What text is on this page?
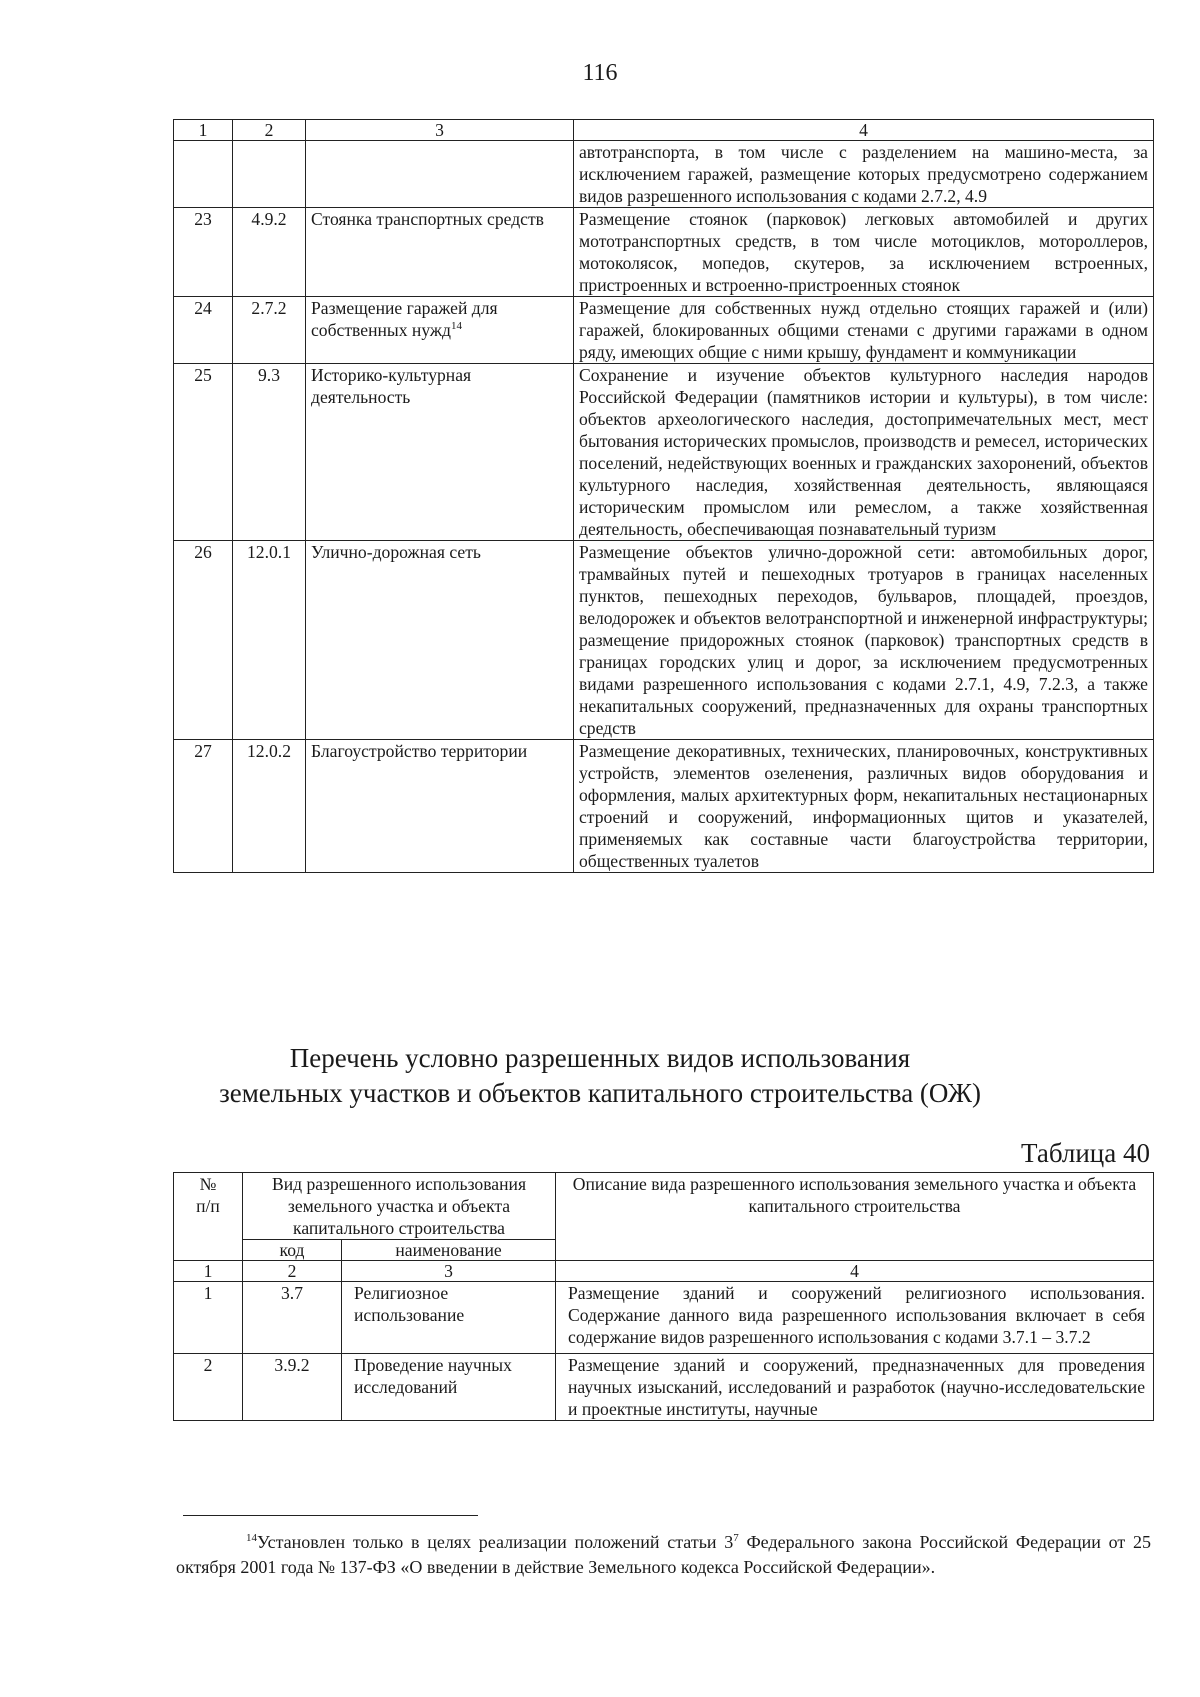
116
1	2	3	4
			автотранспорта, в том числе с разделением на машино-места, за исключением гаражей, размещение которых предусмотрено содержанием видов разрешенного использования с кодами 2.7.2, 4.9
23	4.9.2	Стоянка транспортных средств	Размещение стоянок (парковок) легковых автомобилей и других мототранспортных средств, в том числе мотоциклов, мотороллеров, мотоколясок, мопедов, скутеров, за исключением встроенных, пристроенных и встроенно-пристроенных стоянок
24	2.7.2	Размещение гаражей для собственных нужд$^{14}$	Размещение для собственных нужд отдельно стоящих гаражей и (или) гаражей, блокированных общими стенами с другими гаражами в одном ряду, имеющих общие с ними крышу, фундамент и коммуникации
25	9.3	Историко-культурная деятельность	Сохранение и изучение объектов культурного наследия народов Российской Федерации (памятников истории и культуры), в том числе: объектов археологического наследия, достопримечательных мест, мест бытования исторических промыслов, производств и ремесел, исторических поселений, недействующих военных и гражданских захоронений, объектов культурного наследия, хозяйственная деятельность, являющаяся историческим промыслом или ремеслом, а также хозяйственная деятельность, обеспечивающая познавательный туризм
26	12.0.1	Улично-дорожная сеть	Размещение объектов улично-дорожной сети: автомобильных дорог, трамвайных путей и пешеходных тротуаров в границах населенных пунктов, пешеходных переходов, бульваров, площадей, проездов, велодорожек и объектов велотранспортной и инженерной инфраструктуры; размещение придорожных стоянок (парковок) транспортных средств в границах городских улиц и дорог, за исключением предусмотренных видами разрешенного использования с кодами 2.7.1, 4.9, 7.2.3, а также некапитальных сооружений, предназначенных для охраны транспортных средств
27	12.0.2	Благоустройство территории	Размещение декоративных, технических, планировочных, конструктивных устройств, элементов озеленения, различных видов оборудования и оформления, малых архитектурных форм, некапитальных нестационарных строений и сооружений, информационных щитов и указателей, применяемых как составные части благоустройства территории, общественных туалетов
Перечень условно разрешенных видов использования
земельных участков и объектов капитального строительства (ОЖ)
Таблица 40
№ п/п	Вид разрешенного использования земельного участка и объекта капитального строительства		Описание вида разрешенного использования земельного участка и объекта капитального строительства
	код	наименование	
1	2	3	4
1	3.7	Религиозное использование	Размещение зданий и сооружений религиозного использования. Содержание данного вида разрешенного использования включает в себя содержание видов разрешенного использования с кодами 3.7.1 – 3.7.2
2	3.9.2	Проведение научных исследований	Размещение зданий и сооружений, предназначенных для проведения научных изысканий, исследований и разработок (научно-исследовательские и проектные институты, научные
$^{14}$Установлен только в целях реализации положений статьи $3^7$ Федерального закона Российской Федерации от 25 октября 2001 года № 137-ФЗ «О введении в действие Земельного кодекса Российской Федерации».
